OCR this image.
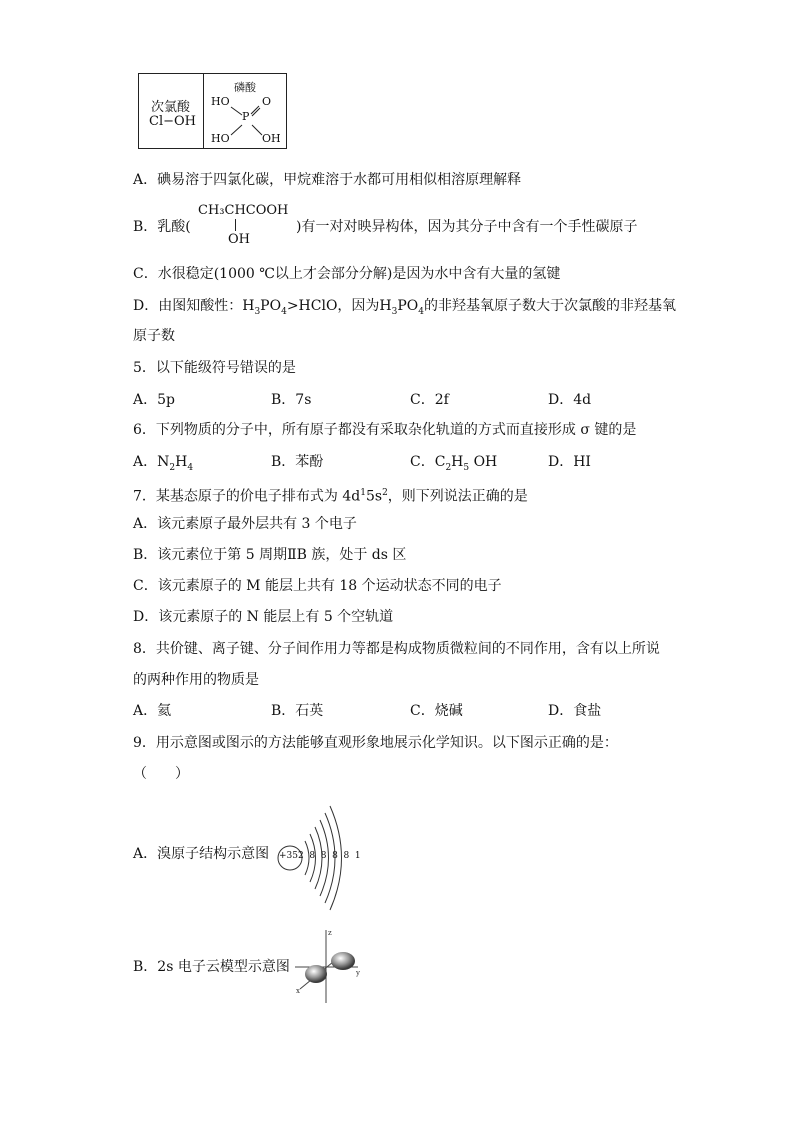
次氯酸
Cl−OH
磷酸
HO	O
P
HO	OH
A．碘易溶于四氯化碳，甲烷难溶于水都可用相似相溶原理解释
B．乳酸(
CH₃CHCOOH
OH
)有一对对映异构体，因为其分子中含有一个手性碳原子
C．水很稳定(1000 ℃以上才会部分分解)是因为水中含有大量的氢键
D．由图知酸性：$H_3PO_4>HClO$，因为$H_3PO_4$的非羟基氧原子数大于次氯酸的非羟基氧
原子数
5．以下能级符号错误的是
A．5p	B．7s	C．2f	D．4d
6．下列物质的分子中，所有原子都没有采取杂化轨道的方式而直接形成 σ 键的是
A．$N_2H_4$	B．苯酚	C．$C_2H_5$ OH	D．HI
7．某基态原子的价电子排布式为 $4d^15s^2$，则下列说法正确的是
A．该元素原子最外层共有 3 个电子
B．该元素位于第 5 周期ⅡB 族，处于 ds 区
C．该元素原子的 M 能层上共有 18 个运动状态不同的电子
D．该元素原子的 N 能层上有 5 个空轨道
8．共价键、离子键、分子间作用力等都是构成物质微粒间的不同作用，含有以上所说
的两种作用的物质是
A．氦	B．石英	C．烧碱	D．食盐
9．用示意图或图示的方法能够直观形象地展示化学知识。以下图示正确的是：
（　　）
A．溴原子结构示意图 +35 2 8 8 8 8 1
B．2s 电子云模型示意图	y
x
z
